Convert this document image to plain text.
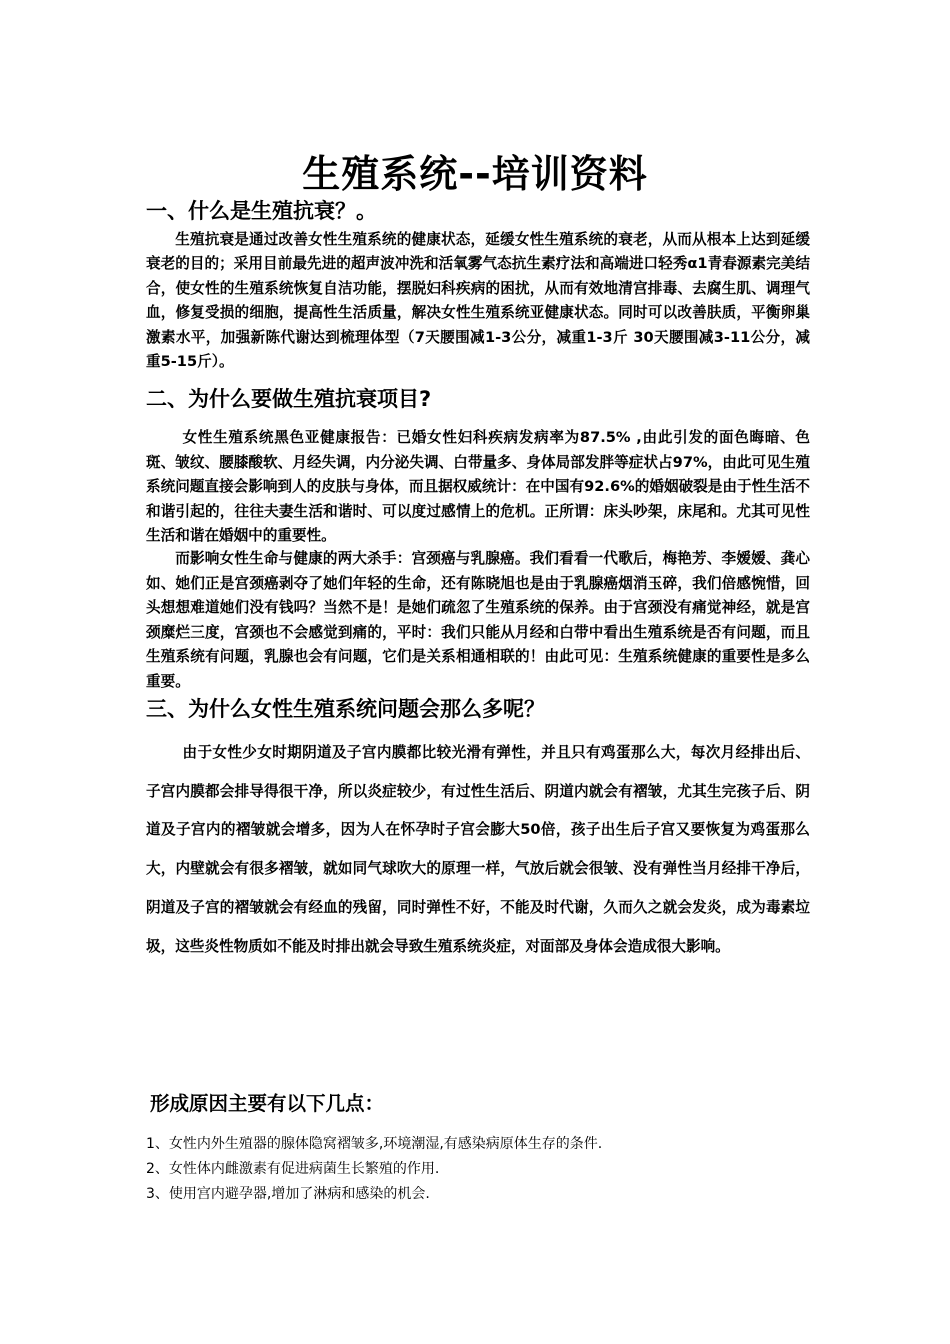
生殖系统--培训资料
一、什么是生殖抗衰？。
生殖抗衰是通过改善女性生殖系统的健康状态，延缓女性生殖系统的衰老，从而从根本上达到延缓衰老的目的；采用目前最先进的超声波冲洗和活氧雾气态抗生素疗法和高端进口轻秀α1青春源素完美结合，使女性的生殖系统恢复自洁功能，摆脱妇科疾病的困扰，从而有效地清宫排毒、去腐生肌、调理气血，修复受损的细胞，提高性生活质量，解决女性生殖系统亚健康状态。同时可以改善肤质，平衡卵巢激素水平，加强新陈代谢达到梳理体型（7天腰围减1-3公分，减重1-3斤 30天腰围减3-11公分，减重5-15斤）。
二、为什么要做生殖抗衰项目?
女性生殖系统黑色亚健康报告：已婚女性妇科疾病发病率为87.5% ,由此引发的面色晦暗、色斑、皱纹、腰膝酸软、月经失调，内分泌失调、白带量多、身体局部发胖等症状占97%，由此可见生殖系统问题直接会影响到人的皮肤与身体，而且据权威统计：在中国有92.6%的婚姻破裂是由于性生活不和谐引起的，往往夫妻生活和谐时、可以度过感情上的危机。正所谓：床头吵架，床尾和。尤其可见性生活和谐在婚姻中的重要性。
而影响女性生命与健康的两大杀手：宫颈癌与乳腺癌。我们看看一代歌后，梅艳芳、李嫒嫒、龚心如、她们正是宫颈癌剥夺了她们年轻的生命，还有陈晓旭也是由于乳腺癌烟消玉碎，我们倍感惋惜，回头想想难道她们没有钱吗？当然不是！是她们疏忽了生殖系统的保养。由于宫颈没有痛觉神经，就是宫颈糜烂三度，宫颈也不会感觉到痛的，平时：我们只能从月经和白带中看出生殖系统是否有问题，而且生殖系统有问题，乳腺也会有问题，它们是关系相通相联的！由此可见：生殖系统健康的重要性是多么重要。
三、为什么女性生殖系统问题会那么多呢？
由于女性少女时期阴道及子宫内膜都比较光滑有弹性，并且只有鸡蛋那么大，每次月经排出后、子宫内膜都会排导得很干净，所以炎症较少，有过性生活后、阴道内就会有褶皱，尤其生完孩子后、阴道及子宫内的褶皱就会增多，因为人在怀孕时子宫会膨大50倍，孩子出生后子宫又要恢复为鸡蛋那么大，内壁就会有很多褶皱，就如同气球吹大的原理一样，气放后就会很皱、没有弹性当月经排干净后，阴道及子宫的褶皱就会有经血的残留，同时弹性不好，不能及时代谢，久而久之就会发炎，成为毒素垃圾，这些炎性物质如不能及时排出就会导致生殖系统炎症，对面部及身体会造成很大影响。
形成原因主要有以下几点：
1、女性内外生殖器的腺体隐窝褶皱多,环境潮湿,有感染病原体生存的条件.
2、女性体内雌激素有促进病菌生长繁殖的作用.
3、使用宫内避孕器,增加了淋病和感染的机会.
